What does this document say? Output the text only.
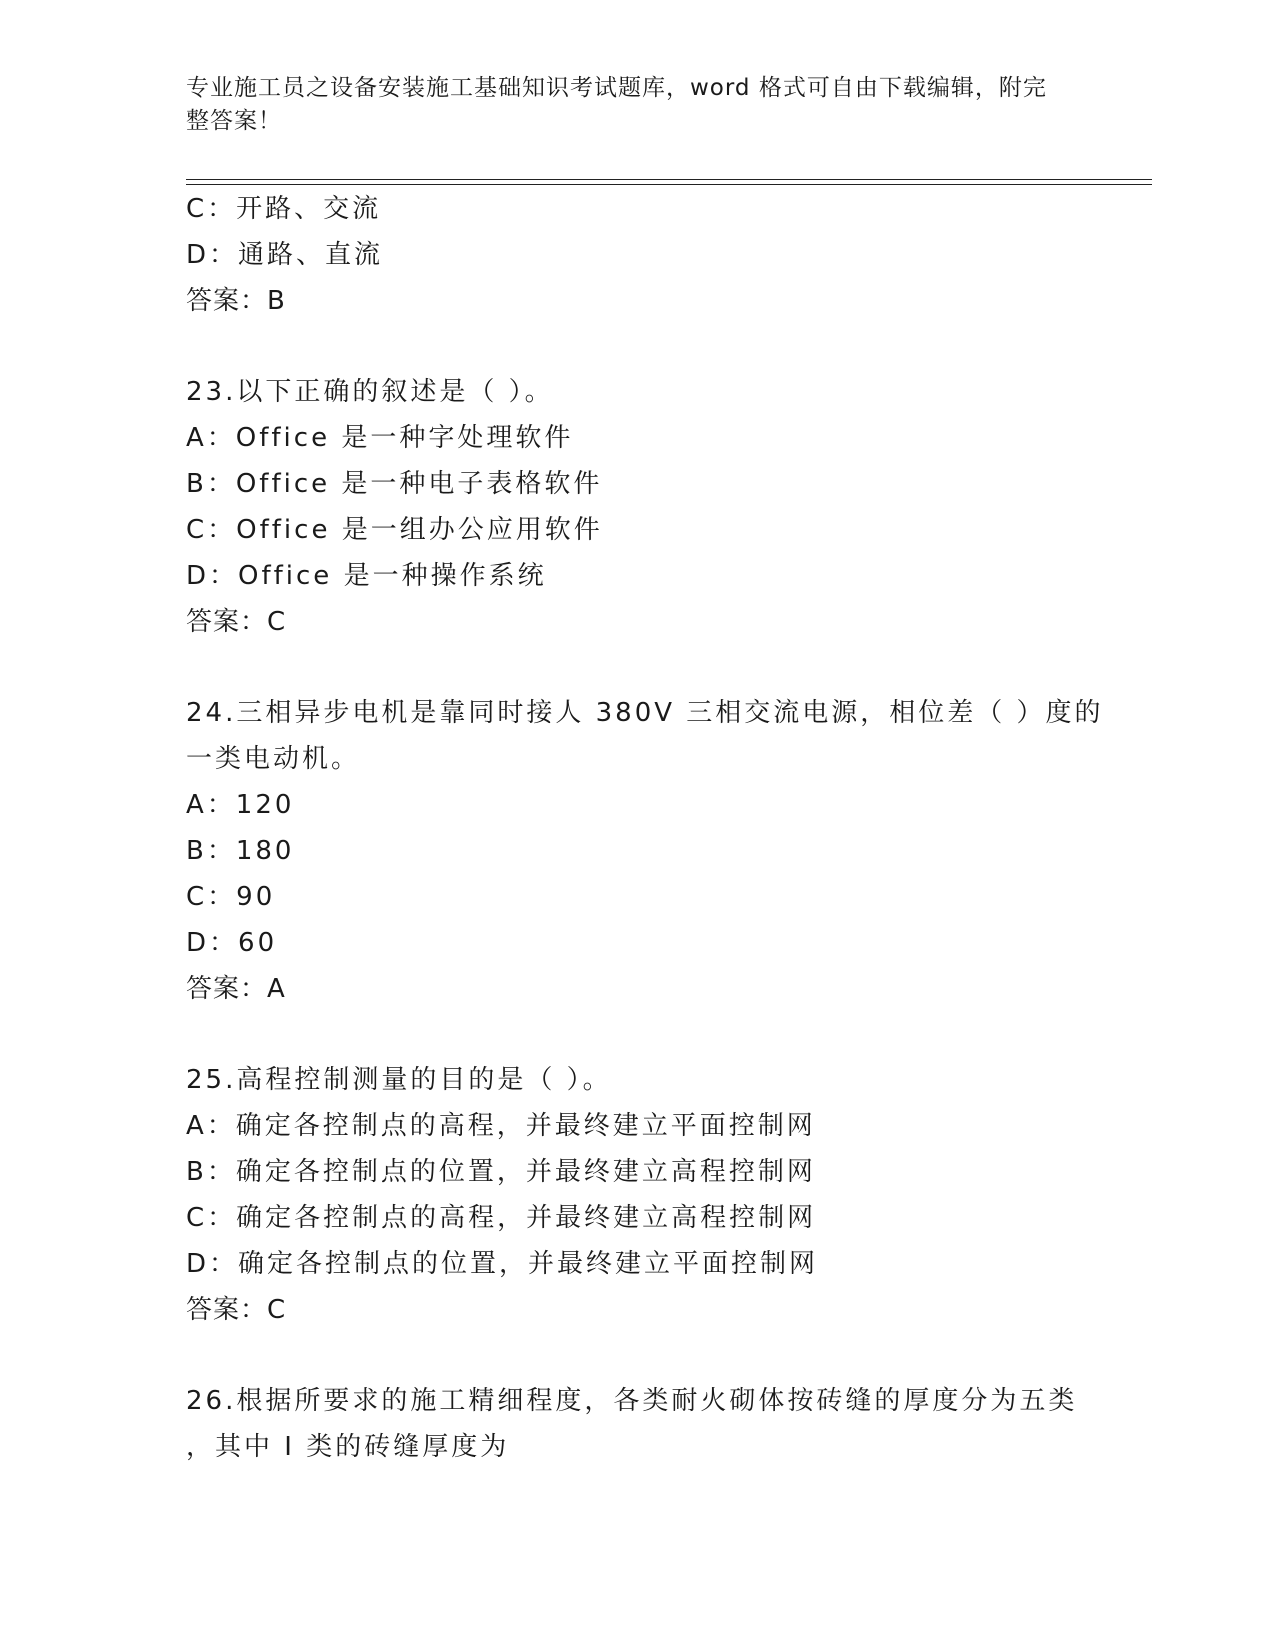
专业施工员之设备安装施工基础知识考试题库，word 格式可自由下载编辑，附完
整答案！
C：开路、交流
D：通路、直流
答案：B
23.以下正确的叙述是（ ）。
A：Office 是一种字处理软件
B：Office 是一种电子表格软件
C：Office 是一组办公应用软件
D：Office 是一种操作系统
答案：C
24.三相异步电机是靠同时接人 380V 三相交流电源，相位差（ ）度的
一类电动机。
A：120
B：180
C：90
D：60
答案：A
25.高程控制测量的目的是（ ）。
A：确定各控制点的高程，并最终建立平面控制网
B：确定各控制点的位置，并最终建立高程控制网
C：确定各控制点的高程，并最终建立高程控制网
D：确定各控制点的位置，并最终建立平面控制网
答案：C
26.根据所要求的施工精细程度，各类耐火砌体按砖缝的厚度分为五类
，其中 I 类的砖缝厚度为
